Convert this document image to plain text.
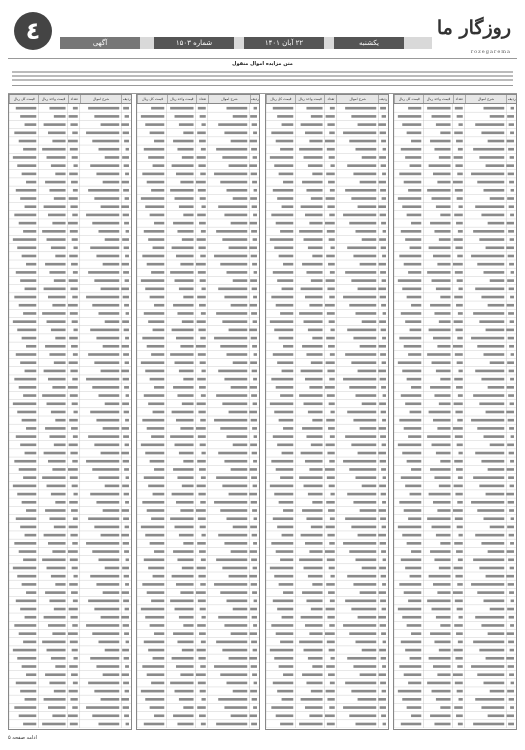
روزگار ما
rozegarema
یکشنبه
۲۲ آبان ۱۴۰۱
شماره ۱۵۰۳
آگهی
٤
متن مزایده اموال منقول
ردیف
شرح اموال
تعداد
قیمت واحد ریال
قیمت کل ریال
ردیف
شرح اموال
تعداد
قیمت واحد ریال
قیمت کل ریال
ردیف
شرح اموال
تعداد
قیمت واحد ریال
قیمت کل ریال
ردیف
شرح اموال
تعداد
قیمت واحد ریال
قیمت کل ریال
ادامه صفحه ۵
